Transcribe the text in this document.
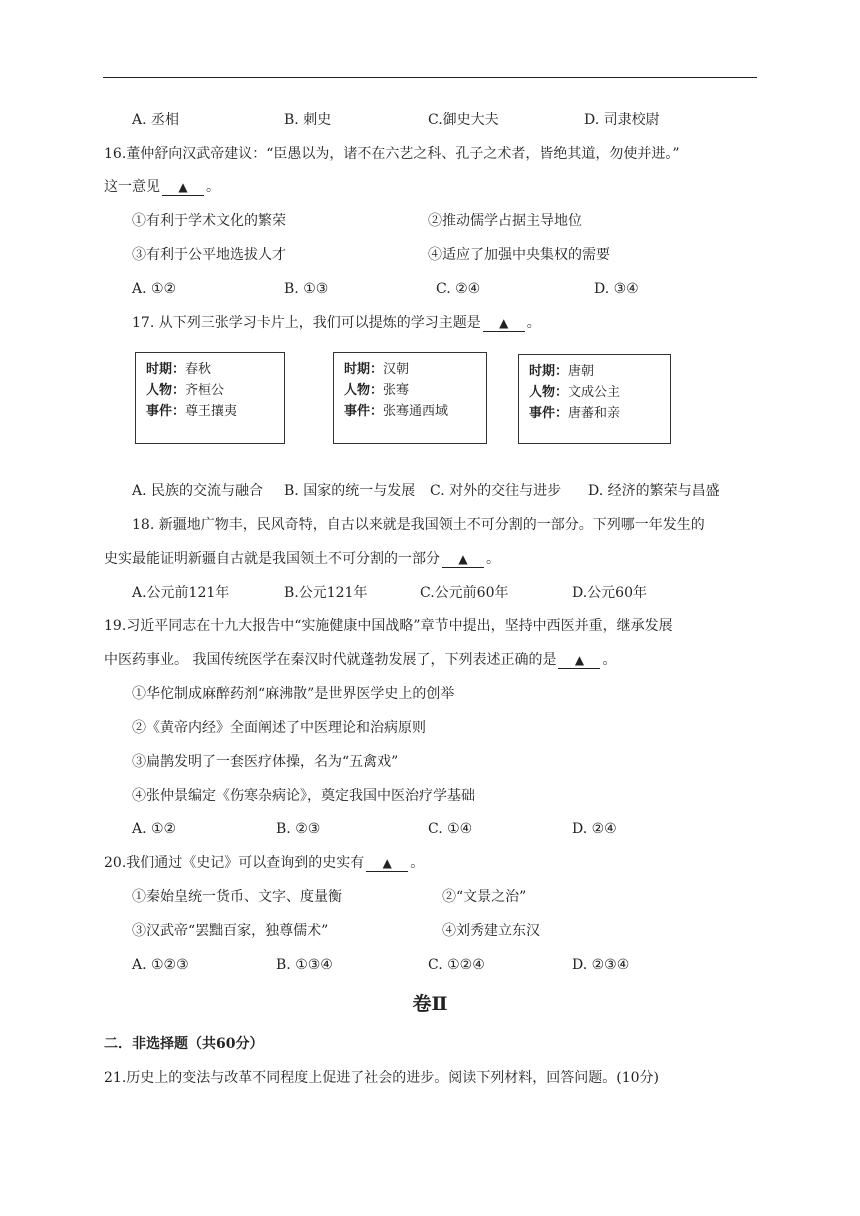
A. 丞相	B. 刺史	C.御史大夫	D. 司隶校尉
16.董仲舒向汉武帝建议：“臣愚以为，诸不在六艺之科、孔子之术者，皆绝其道，勿使并进。”
这一意见 ▲ 。
①有利于学术文化的繁荣	②推动儒学占据主导地位
③有利于公平地选拔人才	④适应了加强中央集权的需要
A. ①②	B. ①③	C. ②④	D. ③④
17. 从下列三张学习卡片上，我们可以提炼的学习主题是 ▲ 。
时期：春秋
人物：齐桓公
事件：尊王攘夷
时期：汉朝
人物：张骞
事件：张骞通西域
时期：唐朝
人物：文成公主
事件：唐蕃和亲
A. 民族的交流与融合 B. 国家的统一与发展 C. 对外的交往与进步 D. 经济的繁荣与昌盛
18. 新疆地广物丰，民风奇特，自古以来就是我国领土不可分割的一部分。下列哪一年发生的
史实最能证明新疆自古就是我国领土不可分割的一部分 ▲ 。
A.公元前121年	B.公元121年	C.公元前60年	D.公元60年
19.习近平同志在十九大报告中“实施健康中国战略”章节中提出，坚持中西医并重，继承发展
中医药事业。 我国传统医学在秦汉时代就蓬勃发展了，下列表述正确的是 ▲ 。
①华佗制成麻醉药剂“麻沸散”是世界医学史上的创举
②《黄帝内经》全面阐述了中医理论和治病原则
③扁鹊发明了一套医疗体操，名为“五禽戏”
④张仲景编定《伤寒杂病论》，奠定我国中医治疗学基础
A. ①②	B. ②③	C. ①④	D. ②④
20.我们通过《史记》可以查询到的史实有 ▲ 。
①秦始皇统一货币、文字、度量衡	②“文景之治”
③汉武帝“罢黜百家，独尊儒术”	④刘秀建立东汉
A. ①②③	B. ①③④	C. ①②④	D. ②③④
卷Ⅱ
二．非选择题（共60分）
21.历史上的变法与改革不同程度上促进了社会的进步。阅读下列材料，回答问题。(10分)
